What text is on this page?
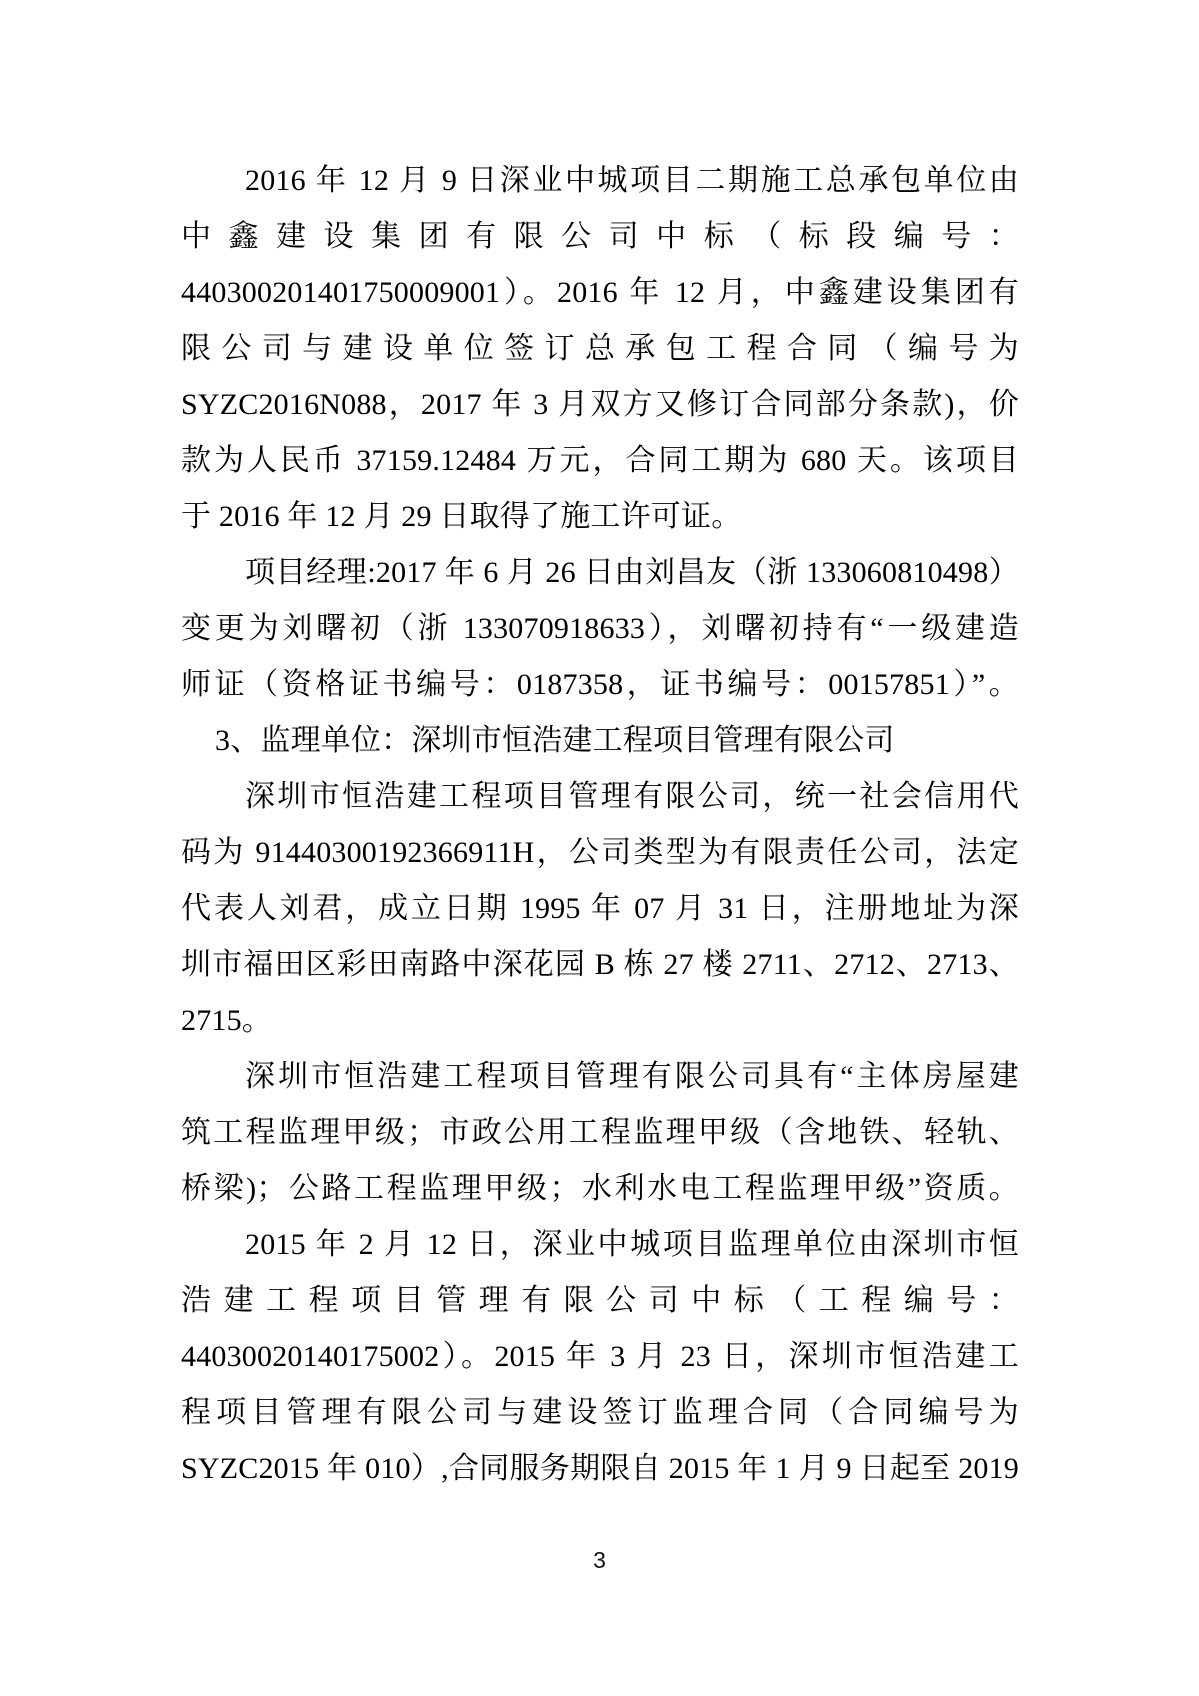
2016 年 12 月 9 日深业中城项目二期施工总承包单位由
中鑫建设集团有限公司中标（标段编号：
440300201401750009001）。2016 年 12 月，中鑫建设集团有
限公司与建设单位签订总承包工程合同（编号为
SYZC2016N088，2017 年 3 月双方又修订合同部分条款)，价
款为人民币 37159.12484 万元，合同工期为 680 天。该项目
于 2016 年 12 月 29 日取得了施工许可证。
项目经理:2017 年 6 月 26 日由刘昌友（浙 133060810498）
变更为刘曙初（浙 133070918633），刘曙初持有“一级建造
师证（资格证书编号：0187358，证书编号：00157851）”。
3、监理单位：深圳市恒浩建工程项目管理有限公司
深圳市恒浩建工程项目管理有限公司，统一社会信用代
码为 91440300192366911H，公司类型为有限责任公司，法定
代表人刘君，成立日期 1995 年 07 月 31 日，注册地址为深
圳市福田区彩田南路中深花园 B 栋 27 楼 2711、2712、2713、
2715。
深圳市恒浩建工程项目管理有限公司具有“主体房屋建
筑工程监理甲级；市政公用工程监理甲级（含地铁、轻轨、
桥梁)；公路工程监理甲级；水利水电工程监理甲级”资质。
2015 年 2 月 12 日，深业中城项目监理单位由深圳市恒
浩建工程项目管理有限公司中标（工程编号：
44030020140175002）。2015 年 3 月 23 日，深圳市恒浩建工
程项目管理有限公司与建设签订监理合同（合同编号为
SYZC2015 年 010）,合同服务期限自 2015 年 1 月 9 日起至 2019
3
